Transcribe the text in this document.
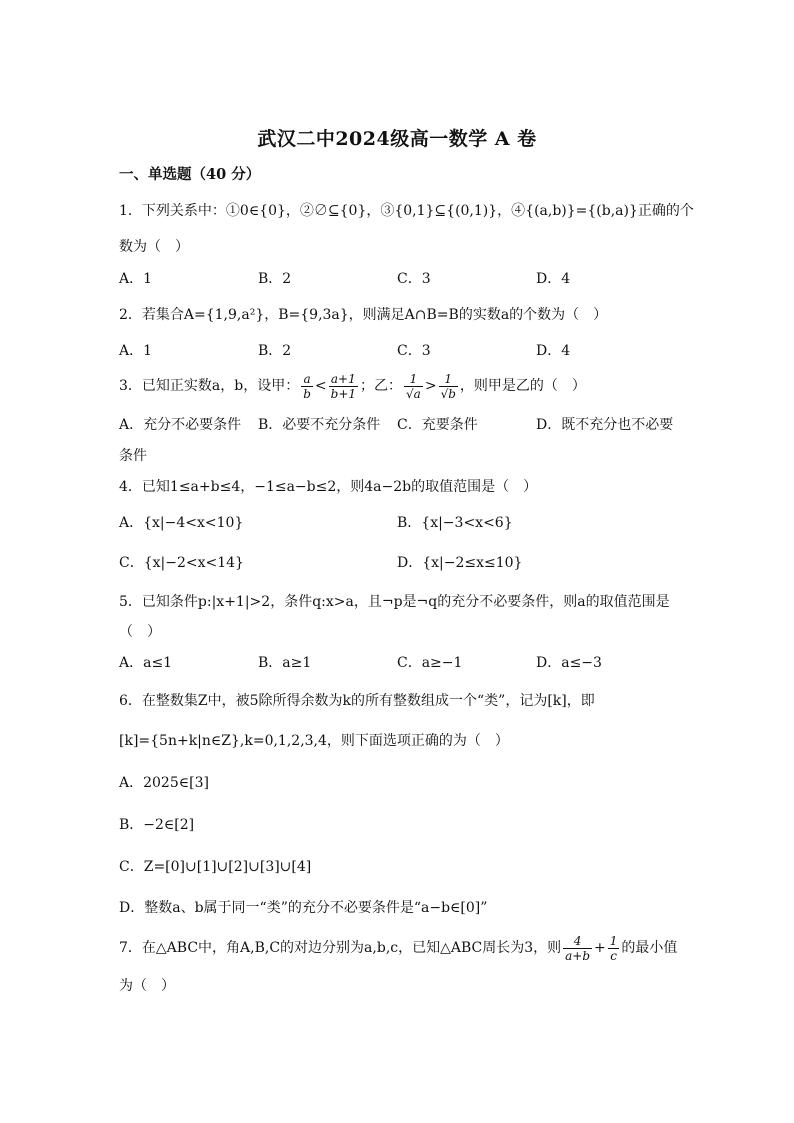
武汉二中2024级高一数学 A 卷
一、单选题（40 分）
1．下列关系中：①0∈{0}，②∅⊆{0}，③{0,1}⊆{(0,1)}，④{(a,b)}={(b,a)}正确的个
数为（　）
A．1	B．2	C．3	D．4
2．若集合A={1,9,a²}，B={9,3a}，则满足A∩B=B的实数a的个数为（　）
A．1	B．2	C．3	D．4
3．已知正实数a，b，设甲： $\frac{a}{b} < \frac{a+1}{b+1}$ ；乙： $\frac{1}{√a} > \frac{1}{√b}$ ，则甲是乙的（　）
A．充分不必要条件 B．必要不充分条件 C．充要条件	D．既不充分也不必要
条件
4．已知1≤a+b≤4，−1≤a−b≤2，则4a−2b的取值范围是（　）
A．{x|−4<x<10}	B．{x|−3<x<6}
C．{x|−2<x<14}	D．{x|−2≤x≤10}
5．已知条件p:|x+1|>2，条件q:x>a，且¬p是¬q的充分不必要条件，则a的取值范围是
（　）
A．a≤1	B．a≥1	C．a≥−1	D．a≤−3
6．在整数集Z中，被5除所得余数为k的所有整数组成一个“类”，记为[k]，即
[k]={5n+k|n∈Z},k=0,1,2,3,4，则下面选项正确的为（　）
A．2025∈[3]
B．−2∈[2]
C．Z=[0]∪[1]∪[2]∪[3]∪[4]
D．整数a、b属于同一“类”的充分不必要条件是“a−b∈[0]”
7．在△ABC中，角A,B,C的对边分别为a,b,c，已知△ABC周长为3，则 $\frac{4}{a+b} + \frac{1}{c}$ 的最小值
为（　）
